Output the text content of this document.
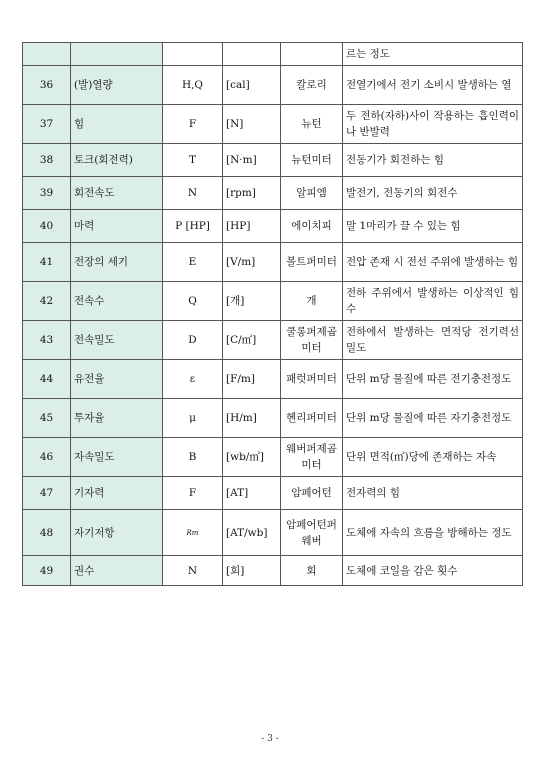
					르는 정도
36	(발)열량	H,Q	[cal]	칼로리	전열기에서 전기 소비시 발생하는 열
37	힘	F	[N]	뉴턴	두 전하(자하)사이 작용하는 흡인력이나 반발력
38	토크(회전력)	T	[N·m]	뉴턴미터	전동기가 회전하는 힘
39	회전속도	N	[rpm]	알피엠	발전기, 전동기의 회전수
40	마력	P [HP]	[HP]	에이치피	말 1마리가 끌 수 있는 힘
41	전장의 세기	E	[V/m]	볼트퍼미터	전압 존재 시 전선 주위에 발생하는 힘
42	전속수	Q	[개]	개	전하 주위에서 발생하는 이상적인 힘 수
43	전속밀도	D	[C/㎡]	쿨롱퍼제곱미터	전하에서 발생하는 면적당 전기력선 밀도
44	유전율	ε	[F/m]	패럿퍼미터	단위 m당 물질에 따른 전기충전정도
45	투자율	μ	[H/m]	헨리퍼미터	단위 m당 물질에 따른 자기충전정도
46	자속밀도	B	[wb/㎡]	웨버퍼제곱미터	단위 면적(㎡)당에 존재하는 자속
47	기자력	F	[AT]	암페어턴	전자력의 힘
48	자기저항	Rm	[AT/wb]	암페어턴퍼웨버	도체에 자속의 흐름을 방해하는 정도
49	권수	N	[회]	회	도체에 코일을 감은 횟수
- 3 -
